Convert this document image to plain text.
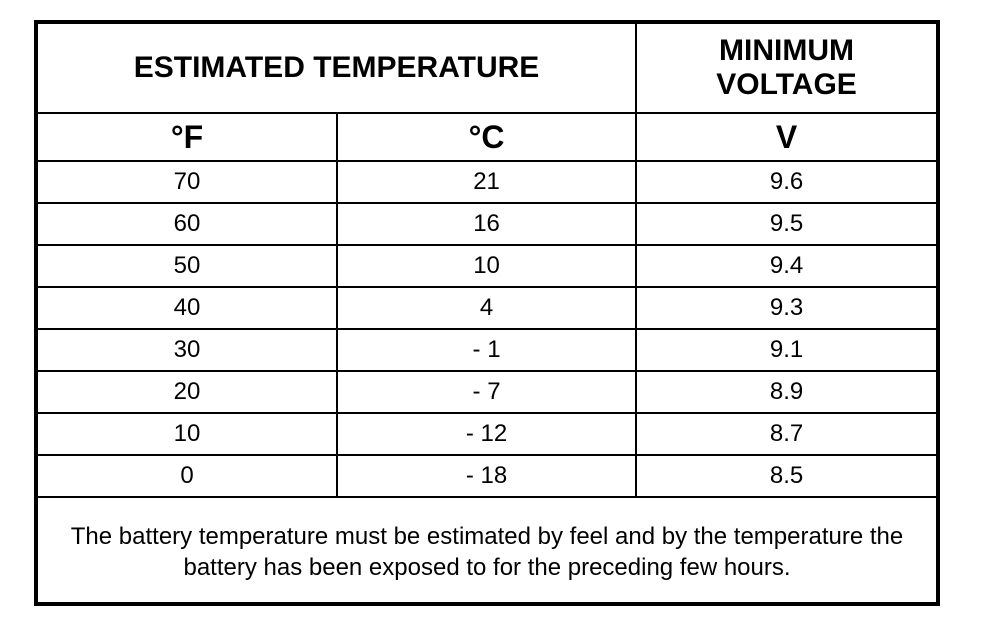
ESTIMATED TEMPERATURE		MINIMUM VOLTAGE
°F	°C	V
70	21	9.6
60	16	9.5
50	10	9.4
40	4	9.3
30	- 1	9.1
20	- 7	8.9
10	- 12	8.7
0	- 18	8.5
The battery temperature must be estimated by feel and by the temperature the battery has been exposed to for the preceding few hours.		
